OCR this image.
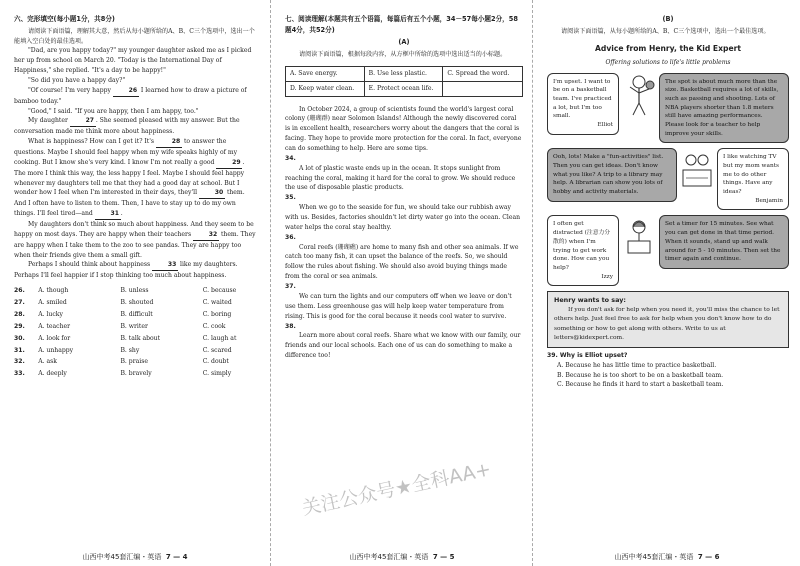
六、完形填空(每小题1分，共8分)

请阅读下面语篇，理解其大意，然后从每小题所给的A、B、C三个选项中，选出一个能填入空白处的最佳选项。

"Dad, are you happy today?" my younger daughter asked me as I picked her up from school on March 20. "Today is the International Day of Happiness," she replied. "It's a day to be happy!"

"So did you have a happy day?"

"Of course! I'm very happy	26 I learned how to draw a picture of bamboo today."

"Good," I said. "If you are happy, then I am happy, too."

My daughter	27 . She seemed pleased with my answer. But the conversation made me think more about happiness.

What is happiness? How can I get it? It's	28 to answer the questions. Maybe I should feel happy when my wife speaks highly of my cooking. But I know she's very kind. I know I'm not really a good	29 . The more I think this way, the less happy I feel. Maybe I should feel happy whenever my daughters tell me that they had a good day at school. But I wonder how I feel when I'm interested in their days, they'll	30 them. And I often have to listen to them. Then, I have to stay up to do my own things. I'll feel tired—and	31 .

My daughters don't think so much about happiness. And they seem to be happy on most days. They are happy when their teachers	32 them. They are happy when I take them to the zoo to see pandas. They are happy too when their friends give them a small gift.

Perhaps I should think about happiness	33 like my daughters. Perhaps I'll feel happier if I stop thinking too much about happiness.

26.	A. though	B. unless	C. because
27.	A. smiled	B. shouted	C. waited
28.	A. lucky	B. difficult	C. boring
29.	A. teacher	B. writer	C. cook
30.	A. look for	B. talk about	C. laugh at
31.	A. unhappy	B. shy	C. scared
32.	A. ask	B. praise	C. doubt
33.	A. deeply	B. bravely	C. simply
山西中考45套汇编・英语 7 — 4
七、阅读理解(本题共有五个语篇，每篇后有五个小题，34－57每小题2分，58题4分，共52分)

(A)

请阅读下面语篇，根据每段内容，从方框中所给的选项中选出适当的小标题。

A. Save energy.	B. Use less plastic.	C. Spread the word.
D. Keep water clean.	E. Protect ocean life.

In October 2024, a group of scientists found the world's largest coral colony (珊瑚群) near Solomon Islands! Although the newly discovered coral is in excellent health, researchers worry about the dangers that the coral is facing. They hope to provide more protection for the coral. In fact, everyone can do something to help. Here are some tips.

34.

A lot of plastic waste ends up in the ocean. It stops sunlight from reaching the coral, making it hard for the coral to grow. We should reduce the use of disposable plastic products.

35.

When we go to the seaside for fun, we should take our rubbish away with us. Besides, factories shouldn't let dirty water go into the ocean. Clean water helps the coral stay healthy.

36.

Coral reefs (珊瑚礁) are home to many fish and other sea animals. If we catch too many fish, it can upset the balance of the reefs. So, we should follow the rules about fishing. We should also avoid buying things made from the coral or sea animals.

37.

We can turn the lights and our computers off when we leave or don't use them. Less greenhouse gas will help keep water temperature from rising. This is good for the coral because it needs cool water to survive.

38.

Learn more about coral reefs. Share what we know with our family, our friends and our local schools. Each one of us can do something to make a difference too!

山西中考45套汇编・英语 7 — 5

(B)

请阅读下面语篇，从每小题所给的A、B、C三个选项中，选出一个最佳选项。

Advice from Henry, the Kid Expert
Offering solutions to life's little problems
I'm upset. I want to be on a basketball team. I've practiced a lot, but I'm too small.
Elliot
The spot is about much more than the size. Basketball requires a lot of skills, such as passing and shooting. Lots of NBA players shorter than 1.8 meters still have amazing performances. Please look for a teacher to help improve your skills.
Ooh, lots! Make a "fun-activities" list. Then you can get ideas. Don't know what you like? A trip to a library may help. A librarian can show you lots of hobby and activity materials.
I like watching TV but my mom wants me to do other things. Have any ideas?
Benjamin
I often get distracted (注意力分散的) when I'm trying to get work done. How can you help?
Izzy
Set a timer for 15 minutes. See what you can get done in that time period. When it sounds, stand up and walk around for 5 - 10 minutes. Then set the timer again and continue.
Henry wants to say:

If you don't ask for help when you need it, you'll miss the chance to let others help. Just feel free to ask for help when you don't know how to do something or how to get along with others. Write to us at letters@kidexpert.com.

39. Why is Elliot upset?

A. Because he has little time to practice basketball.

B. Because he is too short to be on a basketball team.

C. Because he finds it hard to start a basketball team.

山西中考45套汇编・英语 7 — 6
关注公众号★全科AA+
